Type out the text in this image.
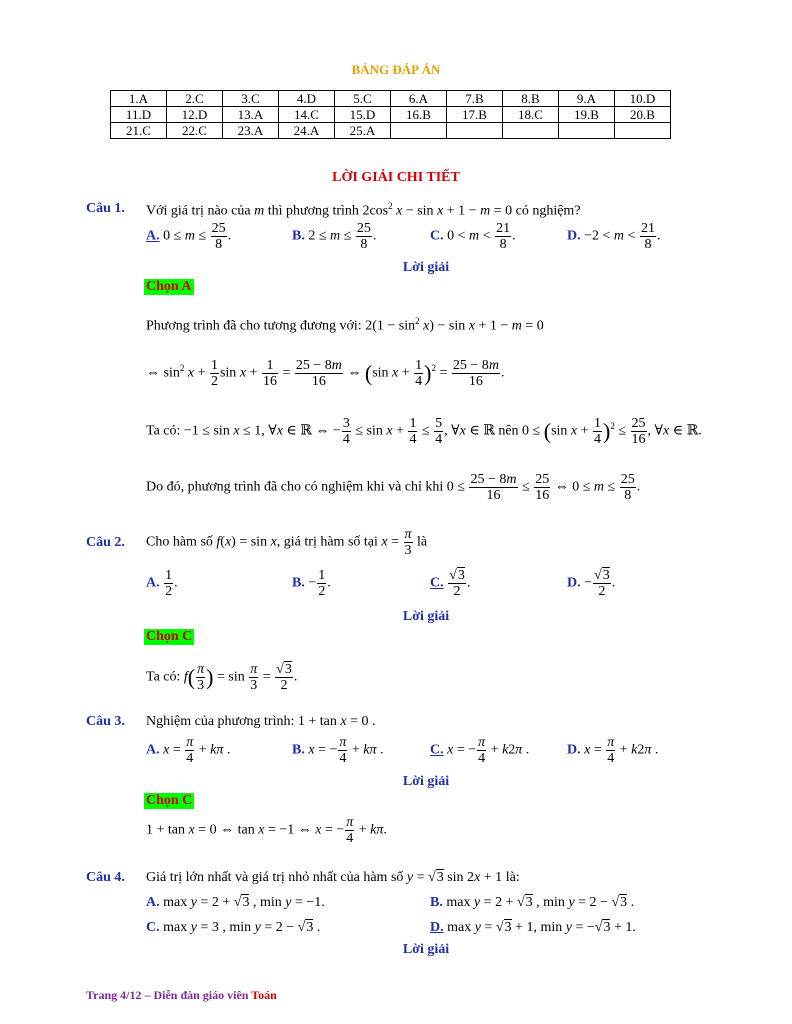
BẢNG ĐÁP ÁN
1.A	2.C	3.C	4.D	5.C	6.A	7.B	8.B	9.A	10.D
11.D	12.D	13.A	14.C	15.D	16.B	17.B	18.C	19.B	20.B
21.C	22.C	23.A	24.A	25.A					
LỜI GIẢI CHI TIẾT
Câu 1. Với giá trị nào của m thì phương trình $2\cos^2$ x − sin x + 1 − m = 0 có nghiệm?
A. $0 \le m \le \frac{25}{8}$ .	B. $2 \le m \le \frac{25}{8}$ .	C. $0 < m < \frac{21}{8}$ .	D. $-2 < m < \frac{21}{8}$ .
Lời giải
Chọn A
Phương trình đã cho tương đương với: $2(1 - \sin^2 x) - \sin x + 1 - m = 0$
⇔ $\sin^2 x + \frac{1}{2}$ $\sin x + \frac{1}{16} = \frac{25 - 8m}{16}$ ⇔ (sin $x + \frac{1}{4} )^2 = \frac{25 - 8m}{16}$ .
Ta có: −1 ≤ sin x ≤ 1, ∀x ∈ ℝ ⇔ − $\frac{3}{4} \le \sin x + \frac{1}{4} \le \frac{5}{4}$ , ∀x ∈ ℝ nên 0 ≤ (sin $x + \frac{1}{4} )^2 \le \frac{25}{16}$ , ∀x ∈ ℝ.
Do đó, phương trình đã cho có nghiệm khi và chỉ khi $0 \le \frac{25 - 8m}{16} \le \frac{25}{16}$ ⇔ $0 \le m \le \frac{25}{8}$ .
Câu 2. Cho hàm số f(x) = sin x, giá trị hàm số tại $x = \frac{\pi}{3}$ là
A. $\frac{1}{2}$ .	B. − $\frac{1}{2}$ .	C. $\frac{√3}{2}$ .	D. − $\frac{√3}{2}$ .
Lời giải
Chọn C
Ta có: $f( \frac{\pi}{3}$ ) = $\sin \frac{\pi}{3} = \frac{√3}{2}$ .
Câu 3. Nghiệm của phương trình: 1 + tan x = 0 .
A. $x = \frac{\pi}{4} + k\pi$ .	B. x = − $\frac{\pi}{4} + k\pi$ .	C. x = − $\frac{\pi}{4} + k2\pi$ .	D. $x = \frac{\pi}{4} + k2\pi$ .
Lời giải
Chọn C
1 + tan x = 0 ⇔ tan x = −1 ⇔ x = − $\frac{\pi}{4} + k\pi$.
Câu 4. Giá trị lớn nhất và giá trị nhỏ nhất của hàm số y = √3 sin 2x + 1 là:
A. max y = 2 + √3 , min y = −1.	B. max y = 2 + √3 , min y = 2 − √3 .
C. max y = 3 , min y = 2 − √3 .	D. max y = √3 + 1, min y = −√3 + 1.
Lời giải
Trang 4/12 – Diễn đàn giáo viên Toán
